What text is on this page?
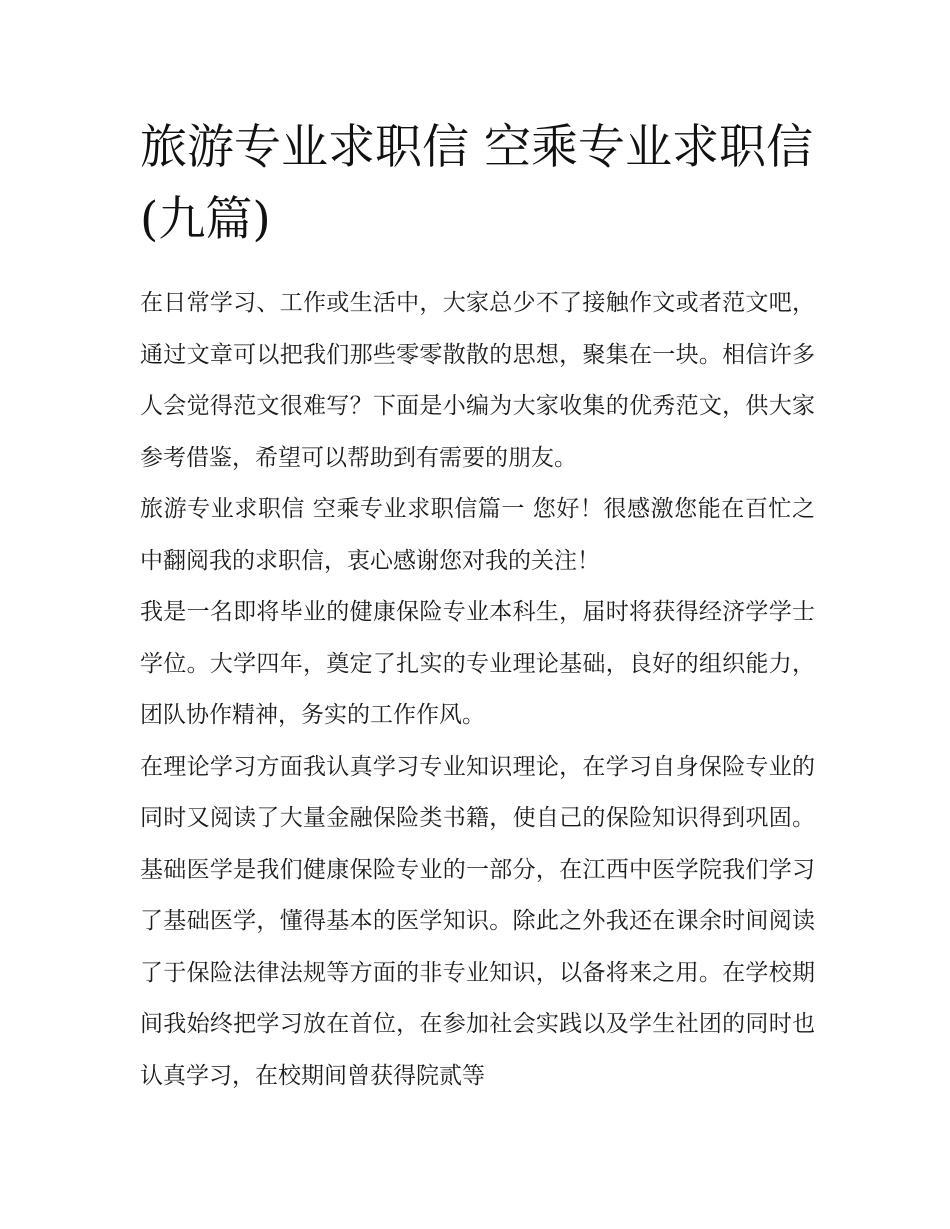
旅游专业求职信 空乘专业求职信(九篇)

在日常学习、工作或生活中，大家总少不了接触作文或者范文吧，通过文章可以把我们那些零零散散的思想，聚集在一块。相信许多人会觉得范文很难写？下面是小编为大家收集的优秀范文，供大家参考借鉴，希望可以帮助到有需要的朋友。

旅游专业求职信 空乘专业求职信篇一 您好！很感激您能在百忙之中翻阅我的求职信，衷心感谢您对我的关注！

我是一名即将毕业的健康保险专业本科生，届时将获得经济学学士学位。大学四年，奠定了扎实的专业理论基础，良好的组织能力，团队协作精神，务实的工作作风。

在理论学习方面我认真学习专业知识理论，在学习自身保险专业的同时又阅读了大量金融保险类书籍，使自己的保险知识得到巩固。基础医学是我们健康保险专业的一部分，在江西中医学院我们学习了基础医学，懂得基本的医学知识。除此之外我还在课余时间阅读了于保险法律法规等方面的非专业知识，以备将来之用。在学校期间我始终把学习放在首位，在参加社会实践以及学生社团的同时也认真学习，在校期间曾获得院贰等
